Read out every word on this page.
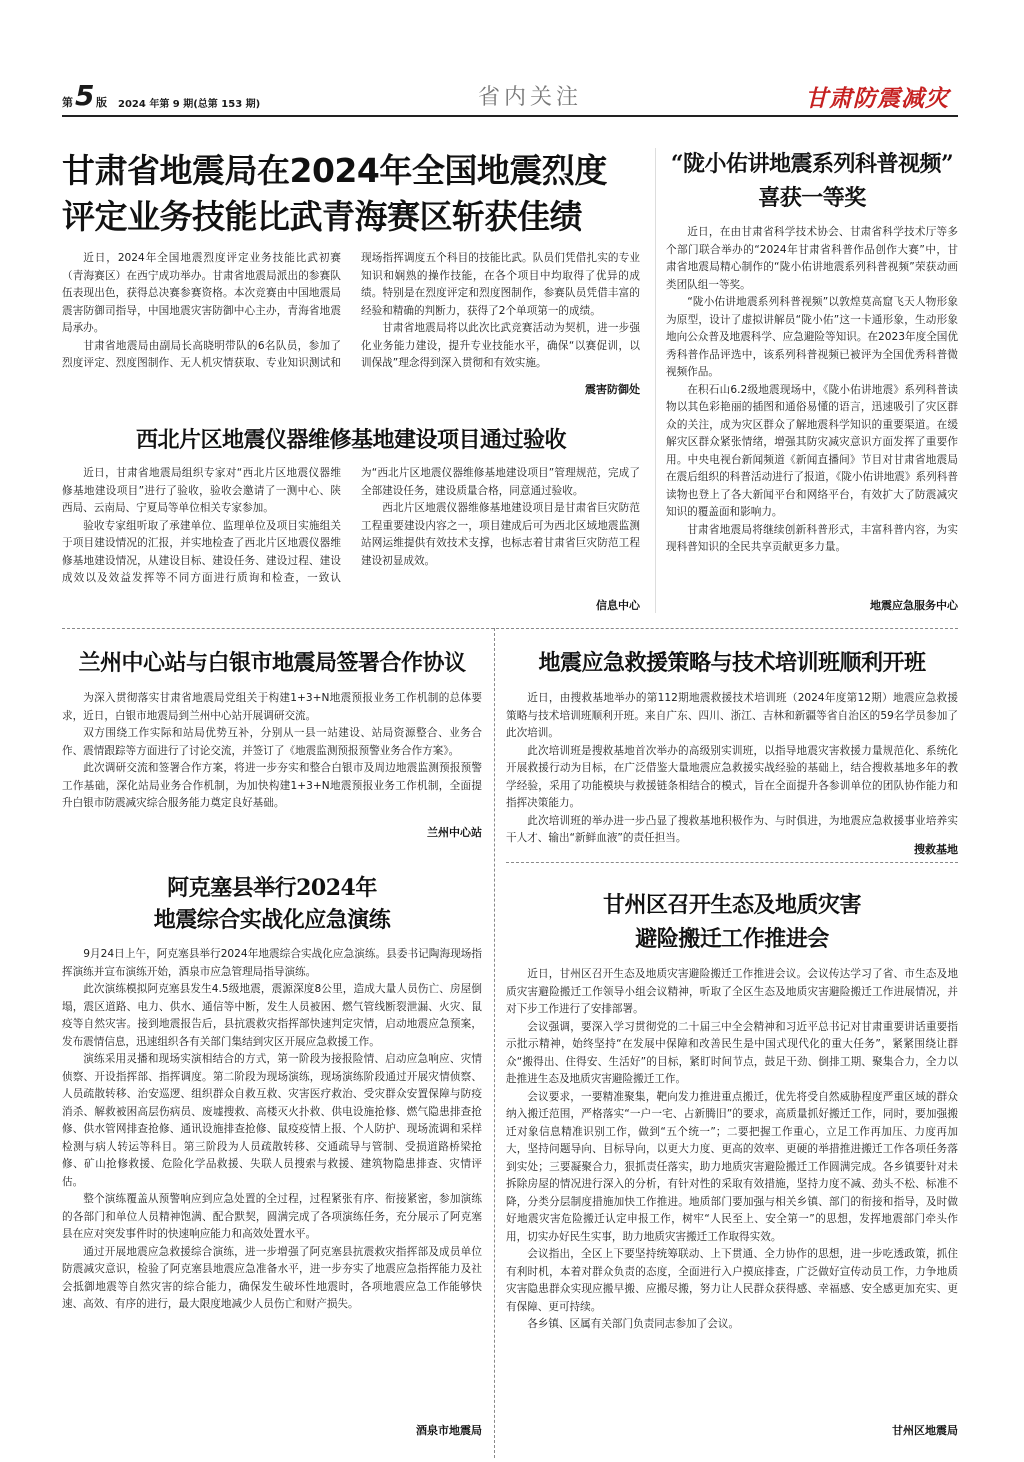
第 5 版 2024 年第 9 期(总第 153 期)	省内关注	甘肃防震减灾
甘肃省地震局在2024年全国地震烈度
评定业务技能比武青海赛区斩获佳绩

近日，2024年全国地震烈度评定业务技能比武初赛（青海赛区）在西宁成功举办。甘肃省地震局派出的参赛队伍表现出色，获得总决赛参赛资格。本次竞赛由中国地震局震害防御司指导，中国地震灾害防御中心主办，青海省地震局承办。

甘肃省地震局由副局长高晓明带队的6名队员，参加了烈度评定、烈度图制作、无人机灾情获取、专业知识测试和现场指挥调度五个科目的技能比武。队员们凭借扎实的专业知识和娴熟的操作技能，在各个项目中均取得了优异的成绩。特别是在烈度评定和烈度图制作，参赛队员凭借丰富的经验和精确的判断力，获得了2个单项第一的成绩。

甘肃省地震局将以此次比武竞赛活动为契机，进一步强化业务能力建设，提升专业技能水平，确保“以赛促训，以训保战”理念得到深入贯彻和有效实施。

震害防御处
西北片区地震仪器维修基地建设项目通过验收

近日，甘肃省地震局组织专家对“西北片区地震仪器维修基地建设项目”进行了验收，验收会邀请了一测中心、陕西局、云南局、宁夏局等单位相关专家参加。

验收专家组听取了承建单位、监理单位及项目实施组关于项目建设情况的汇报，并实地检查了西北片区地震仪器维修基地建设情况，从建设目标、建设任务、建设过程、建设成效以及效益发挥等不同方面进行质询和检查，一致认为“西北片区地震仪器维修基地建设项目”管理规范，完成了全部建设任务，建设质量合格，同意通过验收。

西北片区地震仪器维修基地建设项目是甘肃省巨灾防范工程重要建设内容之一，项目建成后可为西北区域地震监测站网运维提供有效技术支撑，也标志着甘肃省巨灾防范工程建设初显成效。

信息中心
“陇小佑讲地震系列科普视频”
喜获一等奖

近日，在由甘肃省科学技术协会、甘肃省科学技术厅等多个部门联合举办的“2024年甘肃省科普作品创作大赛”中，甘肃省地震局精心制作的“陇小佑讲地震系列科普视频”荣获动画类团队组一等奖。

“陇小佑讲地震系列科普视频”以敦煌莫高窟飞天人物形象为原型，设计了虚拟讲解员“陇小佑”这一卡通形象，生动形象地向公众普及地震科学、应急避险等知识。在2023年度全国优秀科普作品评选中，该系列科普视频已被评为全国优秀科普微视频作品。

在积石山6.2级地震现场中，《陇小佑讲地震》系列科普读物以其色彩艳丽的插图和通俗易懂的语言，迅速吸引了灾区群众的关注，成为灾区群众了解地震科学知识的重要渠道。在缓解灾区群众紧张情绪，增强其防灾减灾意识方面发挥了重要作用。中央电视台新闻频道《新闻直播间》节目对甘肃省地震局在震后组织的科普活动进行了报道，《陇小佑讲地震》系列科普读物也登上了各大新闻平台和网络平台，有效扩大了防震减灾知识的覆盖面和影响力。

甘肃省地震局将继续创新科普形式，丰富科普内容，为实现科普知识的全民共享贡献更多力量。

地震应急服务中心
兰州中心站与白银市地震局签署合作协议

为深入贯彻落实甘肃省地震局党组关于构建1+3+N地震预报业务工作机制的总体要求，近日，白银市地震局到兰州中心站开展调研交流。

双方围绕工作实际和站局优势互补，分别从一县一站建设、站局资源整合、业务合作、震情跟踪等方面进行了讨论交流，并签订了《地震监测预报预警业务合作方案》。

此次调研交流和签署合作方案，将进一步夯实和整合白银市及周边地震监测预报预警工作基础，深化站局业务合作机制，为加快构建1+3+N地震预报业务工作机制，全面提升白银市防震减灾综合服务能力奠定良好基础。

兰州中心站
地震应急救援策略与技术培训班顺利开班

近日，由搜救基地举办的第112期地震救援技术培训班（2024年度第12期）地震应急救援策略与技术培训班顺利开班。来自广东、四川、浙江、吉林和新疆等省自治区的59名学员参加了此次培训。

此次培训班是搜救基地首次举办的高级别实训班，以指导地震灾害救援力量规范化、系统化开展救援行动为目标，在广泛借鉴大量地震应急救援实战经验的基础上，结合搜救基地多年的教学经验，采用了功能模块与救援链条相结合的模式，旨在全面提升各参训单位的团队协作能力和指挥决策能力。

此次培训班的举办进一步凸显了搜救基地积极作为、与时俱进，为地震应急救援事业培养实干人才、输出“新鲜血液”的责任担当。

搜救基地
阿克塞县举行2024年
地震综合实战化应急演练

9月24日上午，阿克塞县举行2024年地震综合实战化应急演练。县委书记陶海现场指挥演练并宣布演练开始，酒泉市应急管理局指导演练。

此次演练模拟阿克塞县发生4.5级地震，震源深度8公里，造成大量人员伤亡、房屋倒塌，震区道路、电力、供水、通信等中断，发生人员被困、燃气管线断裂泄漏、火灾、鼠疫等自然灾害。接到地震报告后，县抗震救灾指挥部快速判定灾情，启动地震应急预案，发布震情信息，迅速组织各有关部门集结到灾区开展应急救援工作。

演练采用灵播和现场实演相结合的方式，第一阶段为接报险情、启动应急响应、灾情侦察、开设指挥部、指挥调度。第二阶段为现场演练，现场演练阶段通过开展灾情侦察、人员疏散转移、治安巡逻、组织群众自救互救、灾害医疗救治、受灾群众安置保障与防疫消杀、解救被困高层伤病员、废墟搜救、高楼灭火扑救、供电设施抢修、燃气隐患排查抢修、供水管网排查抢修、通讯设施排查抢修、鼠疫疫情上报、个人防护、现场流调和采样检测与病人转运等科目。第三阶段为人员疏散转移、交通疏导与管制、受损道路桥梁抢修、矿山抢修救援、危险化学品救援、失联人员搜索与救援、建筑物隐患排查、灾情评估。

整个演练覆盖从预警响应到应急处置的全过程，过程紧张有序、衔接紧密，参加演练的各部门和单位人员精神饱满、配合默契，圆满完成了各项演练任务，充分展示了阿克塞县在应对突发事件时的快速响应能力和高效处置水平。

通过开展地震应急救援综合演练，进一步增强了阿克塞县抗震救灾指挥部及成员单位防震减灾意识，检验了阿克塞县地震应急准备水平，进一步夯实了地震应急指挥能力及社会抵御地震等自然灾害的综合能力，确保发生破坏性地震时，各项地震应急工作能够快速、高效、有序的进行，最大限度地减少人员伤亡和财产损失。

酒泉市地震局
甘州区召开生态及地质灾害
避险搬迁工作推进会

近日，甘州区召开生态及地质灾害避险搬迁工作推进会议。会议传达学习了省、市生态及地质灾害避险搬迁工作领导小组会议精神，听取了全区生态及地质灾害避险搬迁工作进展情况，并对下步工作进行了安排部署。

会议强调，要深入学习贯彻党的二十届三中全会精神和习近平总书记对甘肃重要讲话重要指示批示精神，始终坚持“在发展中保障和改善民生是中国式现代化的重大任务”，紧紧围绕让群众“搬得出、住得安、生活好”的目标，紧盯时间节点，鼓足干劲、倒排工期、聚集合力，全力以赴推进生态及地质灾害避险搬迁工作。

会议要求，一要精准聚集，靶向发力推进重点搬迁，优先将受自然威胁程度严重区域的群众纳入搬迁范围，严格落实“一户一宅、占新腾旧”的要求，高质量抓好搬迁工作，同时，要加强搬迁对象信息精准识别工作，做到“五个统一”；二要把握工作重心，立足工作再加压、力度再加大，坚持问题导向、目标导向，以更大力度、更高的效率、更硬的举措推进搬迁工作各项任务落到实处；三要凝聚合力，狠抓责任落实，助力地质灾害避险搬迁工作圆满完成。各乡镇要针对未拆除房屋的情况进行深入的分析，有针对性的采取有效措施，坚持力度不减、劲头不松、标准不降，分类分层制度措施加快工作推进。地质部门要加强与相关乡镇、部门的衔接和指导，及时做好地震灾害危险搬迁认定申报工作，树牢“人民至上、安全第一”的思想，发挥地震部门牵头作用，切实办好民生实事，助力地质灾害搬迁工作取得实效。

会议指出，全区上下要坚持统筹联动、上下贯通、全力协作的思想，进一步吃透政策，抓住有利时机，本着对群众负责的态度，全面进行入户摸底排查，广泛做好宣传动员工作，力争地质灾害隐患群众实现应搬早搬、应搬尽搬，努力让人民群众获得感、幸福感、安全感更加充实、更有保障、更可持续。

各乡镇、区属有关部门负责同志参加了会议。

甘州区地震局
